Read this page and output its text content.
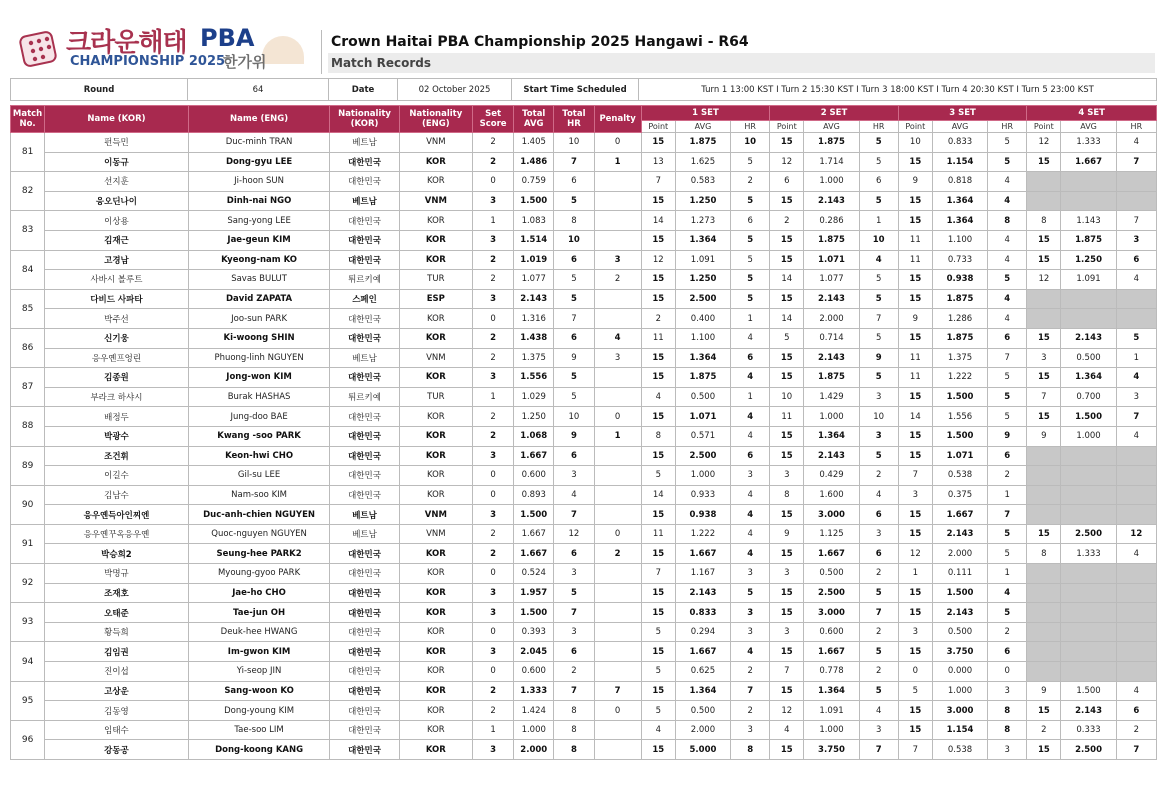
크라운해태 PBA
CHAMPIONSHIP 2025
한가위
Crown Haitai PBA Championship 2025 Hangawi - R64
Match Records
Round	64	Date	02 October 2025	Start Time Scheduled	Turn 1 13:00 KST I Turn 2 15:30 KST I Turn 3 18:00 KST I Turn 4 20:30 KST I Turn 5 23:00 KST
Match No.	Name (KOR)	Name (ENG)	Nationality (KOR)	Nationality (ENG)	Set Score	Total AVG	Total HR	Penalty	1 SET			2 SET			3 SET			4 SET		
									Point	AVG	HR	Point	AVG	HR	Point	AVG	HR	Point	AVG	HR
81	펀득민	Duc-minh TRAN	베트남	VNM	2	1.405	10	0	15	1.875	10	15	1.875	5	10	0.833	5	12	1.333	4
	이동규	Dong-gyu LEE	대한민국	KOR	2	1.486	7	1	13	1.625	5	12	1.714	5	15	1.154	5	15	1.667	7
82	선지훈	Ji-hoon SUN	대한민국	KOR	0	0.759	6		7	0.583	2	6	1.000	6	9	0.818	4			
	응오딘나이	Dinh-nai NGO	베트남	VNM	3	1.500	5		15	1.250	5	15	2.143	5	15	1.364	4			
83	이상용	Sang-yong LEE	대한민국	KOR	1	1.083	8		14	1.273	6	2	0.286	1	15	1.364	8	8	1.143	7
	김재근	Jae-geun KIM	대한민국	KOR	3	1.514	10		15	1.364	5	15	1.875	10	11	1.100	4	15	1.875	3
84	고경남	Kyeong-nam KO	대한민국	KOR	2	1.019	6	3	12	1.091	5	15	1.071	4	11	0.733	4	15	1.250	6
	사바시 볼루트	Savas BULUT	튀르키예	TUR	2	1.077	5	2	15	1.250	5	14	1.077	5	15	0.938	5	12	1.091	4
85	다비드 사파타	David ZAPATA	스페인	ESP	3	2.143	5		15	2.500	5	15	2.143	5	15	1.875	4			
	박주선	Joo-sun PARK	대한민국	KOR	0	1.316	7		2	0.400	1	14	2.000	7	9	1.286	4			
86	신기웅	Ki-woong SHIN	대한민국	KOR	2	1.438	6	4	11	1.100	4	5	0.714	5	15	1.875	6	15	2.143	5
	응우옌프엉린	Phuong-linh NGUYEN	베트남	VNM	2	1.375	9	3	15	1.364	6	15	2.143	9	11	1.375	7	3	0.500	1
87	김종원	Jong-won KIM	대한민국	KOR	3	1.556	5		15	1.875	4	15	1.875	5	11	1.222	5	15	1.364	4
	부라크 하샤시	Burak HASHAS	튀르키예	TUR	1	1.029	5		4	0.500	1	10	1.429	3	15	1.500	5	7	0.700	3
88	배정두	Jung-doo BAE	대한민국	KOR	2	1.250	10	0	15	1.071	4	11	1.000	10	14	1.556	5	15	1.500	7
	박광수	Kwang -soo PARK	대한민국	KOR	2	1.068	9	1	8	0.571	4	15	1.364	3	15	1.500	9	9	1.000	4
89	조건휘	Keon-hwi CHO	대한민국	KOR	3	1.667	6		15	2.500	6	15	2.143	5	15	1.071	6			
	이길수	Gil-su LEE	대한민국	KOR	0	0.600	3		5	1.000	3	3	0.429	2	7	0.538	2			
90	김남수	Nam-soo KIM	대한민국	KOR	0	0.893	4		14	0.933	4	8	1.600	4	3	0.375	1			
	응우옌득아인찌엔	Duc-anh-chien NGUYEN	베트남	VNM	3	1.500	7		15	0.938	4	15	3.000	6	15	1.667	7			
91	응우옌꾸옥응우옌	Quoc-nguyen NGUYEN	베트남	VNM	2	1.667	12	0	11	1.222	4	9	1.125	3	15	2.143	5	15	2.500	12
	박승희2	Seung-hee PARK2	대한민국	KOR	2	1.667	6	2	15	1.667	4	15	1.667	6	12	2.000	5	8	1.333	4
92	박명규	Myoung-gyoo PARK	대한민국	KOR	0	0.524	3		7	1.167	3	3	0.500	2	1	0.111	1			
	조재호	Jae-ho CHO	대한민국	KOR	3	1.957	5		15	2.143	5	15	2.500	5	15	1.500	4			
93	오태준	Tae-jun OH	대한민국	KOR	3	1.500	7		15	0.833	3	15	3.000	7	15	2.143	5			
	황득희	Deuk-hee HWANG	대한민국	KOR	0	0.393	3		5	0.294	3	3	0.600	2	3	0.500	2			
94	김임권	Im-gwon KIM	대한민국	KOR	3	2.045	6		15	1.667	4	15	1.667	5	15	3.750	6			
	진이섭	Yi-seop JIN	대한민국	KOR	0	0.600	2		5	0.625	2	7	0.778	2	0	0.000	0			
95	고상운	Sang-woon KO	대한민국	KOR	2	1.333	7	7	15	1.364	7	15	1.364	5	5	1.000	3	9	1.500	4
	김동영	Dong-young KIM	대한민국	KOR	2	1.424	8	0	5	0.500	2	12	1.091	4	15	3.000	8	15	2.143	6
96	임태수	Tae-soo LIM	대한민국	KOR	1	1.000	8		4	2.000	3	4	1.000	3	15	1.154	8	2	0.333	2
	강동공	Dong-koong KANG	대한민국	KOR	3	2.000	8		15	5.000	8	15	3.750	7	7	0.538	3	15	2.500	7
